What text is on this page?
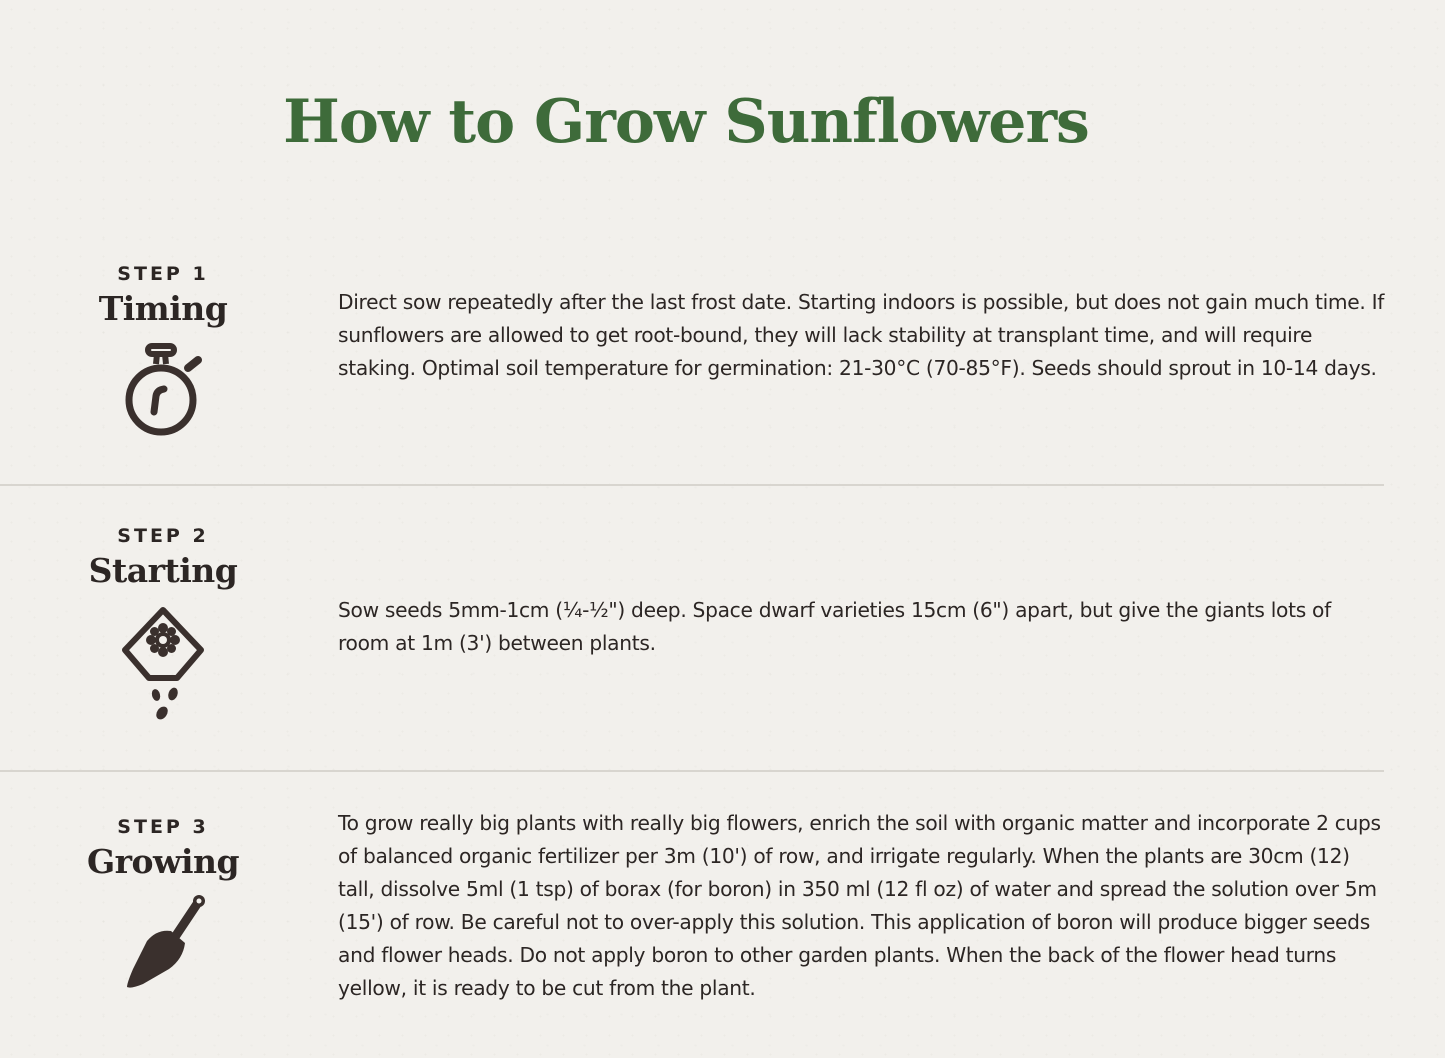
How to Grow Sunflowers
STEP 1
Timing	Direct sow repeatedly after the last frost date. Starting indoors is possible, but does not gain much time. If sunflowers are allowed to get root-bound, they will lack stability at transplant time, and will require staking. Optimal soil temperature for germination: 21-30°C (70-85°F). Seeds should sprout in 10-14 days.

STEP 2
Starting

Sow seeds 5mm-1cm (¼-½") deep. Space dwarf varieties 15cm (6") apart, but give the giants lots of room at 1m (3') between plants.

STEP 3
Growing

To grow really big plants with really big flowers, enrich the soil with organic matter and incorporate 2 cups of balanced organic fertilizer per 3m (10') of row, and irrigate regularly. When the plants are 30cm (12) tall, dissolve 5ml (1 tsp) of borax (for boron) in 350 ml (12 fl oz) of water and spread the solution over 5m (15') of row. Be careful not to over-apply this solution. This application of boron will produce bigger seeds and flower heads. Do not apply boron to other garden plants. When the back of the flower head turns yellow, it is ready to be cut from the plant.
